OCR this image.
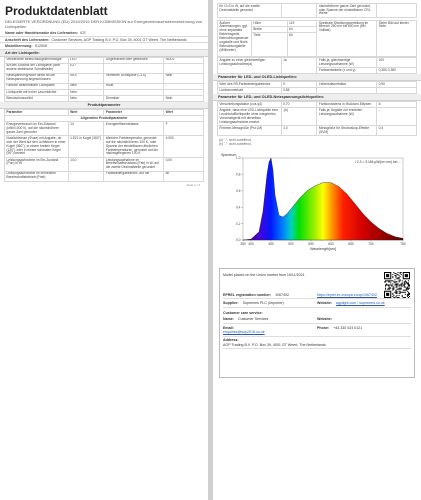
Produktdatenblatt
DELEGIERTE VERORDNUNG (EU) 2019/2015 DER KOMMISSION zur Energieverbrauchskennzeichnung von Lichtquellen
Name oder Handelsmarke des Lieferanten: ICE
Anschrift des Lieferanten: Customer Services, AGP Trading B.V. P.O. Box 39, 4001 GT Weert, The Netherlands
Modellkennung: S12506
Art der Lichtquelle:
Verwendete Beleuchtungstechnologie	LED	Ungebündelt oder gebündelt	NDLS
Art des Sockels der Lichtquelle (oder andere elektrische Schnittstelle)	E27		
Netzspannung/Nicht direkt an die Netzspannung angeschlossen	MLS	Vernetzte Lichtquelle (CLS)	Nein
Farblich abstimmbare Lichtquelle	Nein	Hülle	-
Lichtquelle mit hoher Leuchtdichte	Nein		
Blendschutzschild	Nein	Dimmbar	Nein
Produktparameter
Parameter	Wert	Parameter	Wert
Allgemeine Produktparameter			
Energieverbrauch im Ein-Zustand (kWh/1000 h), auf die nächsthöhere ganze Zahl gerundet	14	Energieeffizienzklasse	F
Nutzlichtstrom (Φuse) mit Angabe, ob sich der Wert auf den Lichtstrom in einer Kugel (360°), in einem breiten Kegel (120°) oder in einem schmalen Kegel (90°) bezieht	1.521 in Kugel (360°)	ähnliche Farbtemperatur, gerundet auf die nächsthöheren 100 K, oder Spanne der einstellbaren ähnlichen Farbtemperaturen, gerundet auf die nächstgelegenen 100 K	4.000
Leistungsaufnahme im Ein-Zustand (Pon) in W	14,0	Leistungsaufnahme im Bereitschaftszustand (Psb) in W, auf die zweite Dezimalstelle gerundet	0,00
Leistungsaufnahme im vernetzten Bereitschaftsbetrieb (Pnet)	-	Farbwiedergabeindex, auf die	80
Seite 1 / 2
für CLS in W, auf die zweite Dezimalstelle gerundet		nächsthöhere ganze Zahl gerundet, oder Spanne der einstellbaren CRI-Werte	
Äußere Abmessungen, ggf. ohne separates Betriebsgerät, Beleuchtungssteuerungsteile und Nicht-Beleuchtungsteile (Millimeter)	Höhe	119	Spektrale Strahlungsverteilung im Bereich 250 nm bis 800 nm (bei Volllast)	Siehe Bild auf letzter Seite
	Breite	64		
	Tiefe	60		
Angabe zu einer gleichwertigen Leistungsaufnahme(a)	Ja	Falls ja, gleichwertige Leistungsaufnahme (W)	100
		Farbwertanteile (x und y)	0,380 0,380
Parameter für LED- und OLED-Lichtquellen:
Wert des R9-Farbwiedergabeindex	0	Lebensdauerfaktor	0,90
Lichtstromerhalt	0,88		
Parameter für LED- und OLED-Netzspannungslichtquellen:
Verschiebungsfaktor (cos φ1)	0,70	Farbkonsistenz in McAdam-Ellipsen	6
Angabe, dass eine LED-Lichtquelle eine Leuchtstofflichtquelle ohne integriertes Vorschaltgerät mit derselben Leistungsaufnahme ersetzt.	-(b)	Falls ja, Angabe zur ersetzten Leistungsaufnahme (W)	-
Flimmer-Messgröße (Pst LM)	1,0	Messgröße für Stroboskop-Effekte (SVM)	0,4
(a) "-": nicht zutreffend;
(b) "-": nicht zutreffend.
0.0
0.2
0.4
0.6
0.8
1.0
380 400	450	500	550	600	650	700	780
Wavelength[nm]
Spectrum
I 2,3 = 3.184 μW/(m²·nm) bei ...
Model placed on the Union market from 16/11/2021
EPREL registration number: 1067492	https://eprel.ec.europa.eu/qr/1067492
Supplier: Supremes PLC (Importer)	Website: agplight.com / supremes.co.uk
Customer care service:
Name: Customer Services	Website:
Email:
enquiries@sup2018.co.uk
Phone: +44 330 024 0121
Address:
AGP Trading B.V. P.O. Box 39, 4001 GT Weert, The Netherlands
